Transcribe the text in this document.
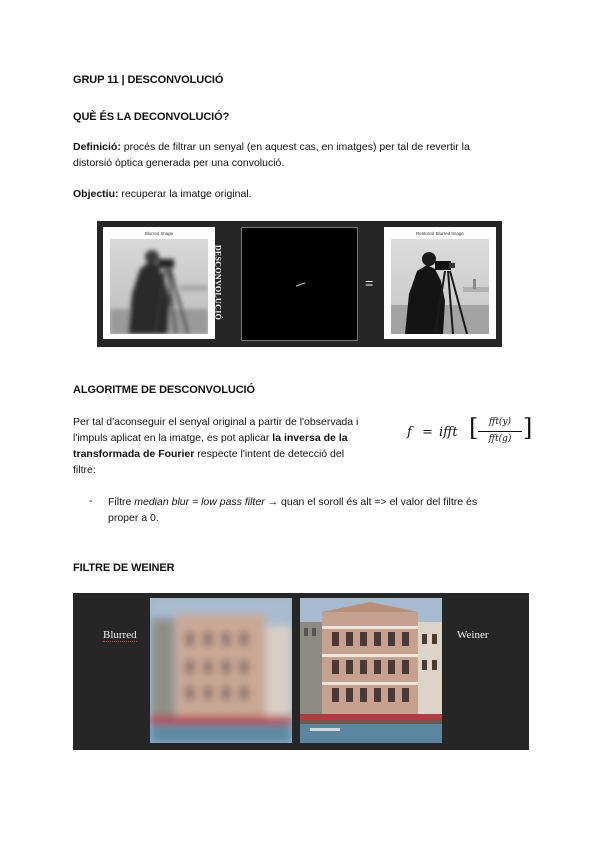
GRUP 11 | DESCONVOLUCIÓ
QUÈ ÉS LA DECONVOLUCIÓ?
Definició: procés de filtrar un senyal (en aquest cas, en imatges) per tal de revertir la
distorsió òptica generada per una convolució.
Objectiu: recuperar la imatge original.
Blurred Image
DESCONVOLUCIÓ	=
Restored Blurred Image
ALGORITME DE DESCONVOLUCIÓ
Per tal d'aconseguir el senyal original a partir de l'observada i
l'impuls aplicat en la imatge, es pot aplicar la inversa de la
transformada de Fourier respecte l'intent de detecció del
filtre:
f = ifft [	fft(y)
fft(g) ]
- Filtre median blur = low pass filter → quan el soroll és alt => el valor del filtre és
proper a 0.
FILTRE DE WEINER
Blurred	Weiner
